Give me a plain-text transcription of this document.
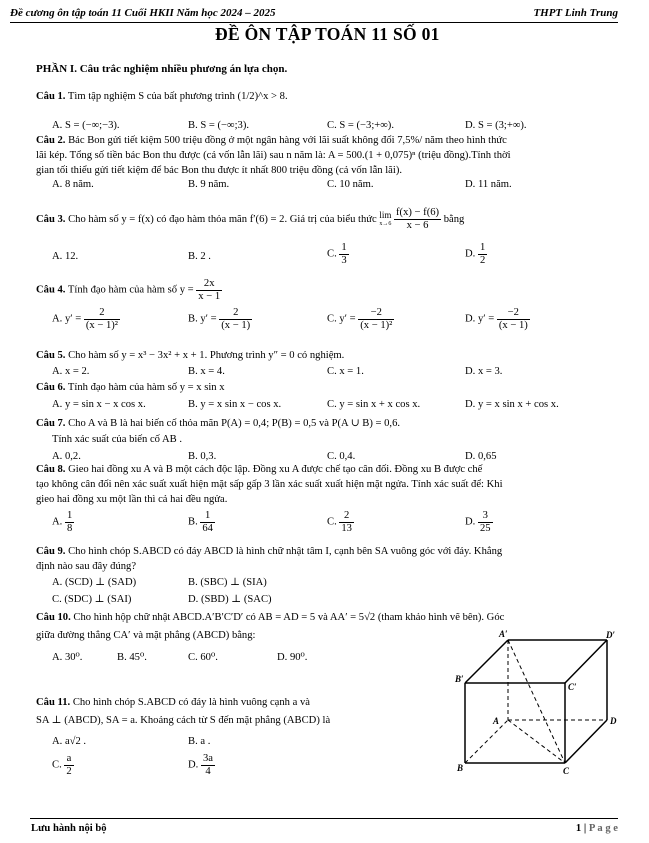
Đề cương ôn tập toán 11 Cuối HKII Năm học 2024 – 2025	THPT Linh Trung
ĐỀ ÔN TẬP TOÁN 11 SỐ 01
PHẦN I. Câu trắc nghiệm nhiều phương án lựa chọn.
Câu 1. Tìm tập nghiệm S của bất phương trình (1/2)^x > 8.
A. S = (−∞;−3).	B. S = (−∞;3).	C. S = (−3;+∞).	D. S = (3;+∞).
Câu 2. Bác Bon gửi tiết kiệm 500 triệu đồng ở một ngân hàng với lãi suất không đổi 7,5%/ năm theo hình thức
lãi kép. Tổng số tiền bác Bon thu được (cả vốn lẫn lãi) sau n năm là: A = 500.(1 + 0,075)ⁿ (triệu đồng).Tính thời
gian tối thiểu gửi tiết kiệm để bác Bon thu được ít nhất 800 triệu đồng (cả vốn lẫn lãi).
A. 8 năm.	B. 9 năm.	C. 10 năm.	D. 11 năm.
Câu 3. Cho hàm số y = f(x) có đạo hàm thỏa mãn f′(6) = 2. Giá trị của biểu thức lim
x→6
$\frac{f(x) - f(6)}{x - 6}$ bằng
A. 12.	B. 2 .	C. $\frac{1}{3}$	D. $\frac{1}{2}$
Câu 4. Tính đạo hàm của hàm số $y = \frac{2x}{x - 1}$
A. $y' = \frac{2}{\text{(x − 1)²}}$	B. $y' = \frac{2}{(x - 1)}$	C. $y' = \frac{-2}{\text{(x − 1)²}}$	D. $y' = \frac{-2}{(x - 1)}$
Câu 5. Cho hàm số y = x³ − 3x² + x + 1. Phương trình y″ = 0 có nghiệm.
A. x = 2.	B. x = 4.	C. x = 1.	D. x = 3.
Câu 6. Tính đạo hàm của hàm số y = x sin x
A. y = sin x − x cos x.	B. y = x sin x − cos x.	C. y = sin x + x cos x.	D. y = x sin x + cos x.
Câu 7. Cho A và B là hai biến cố thỏa mãn P(A) = 0,4; P(B) = 0,5 và P(A ∪ B) = 0,6.
Tính xác suất của biến cố AB .
A. 0,2.	B. 0,3.	C. 0,4.	D. 0,65
Câu 8. Gieo hai đồng xu A và B một cách độc lập. Đồng xu A được chế tạo cân đối. Đồng xu B được chế
tạo không cân đối nên xác suất xuất hiện mặt sấp gấp 3 lần xác suất xuất hiện mặt ngửa. Tính xác suất để: Khi
gieo hai đồng xu một lần thì cả hai đều ngửa.
A. $\frac{1}{8}$	B. $\frac{1}{64}$	C. $\frac{2}{13}$	D. $\frac{3}{25}$
Câu 9. Cho hình chóp S.ABCD có đáy ABCD là hình chữ nhật tâm I, cạnh bên SA vuông góc với đáy. Khẳng
định nào sau đây đúng?
A. (SCD) ⊥ (SAD)	B. (SBC) ⊥ (SIA)
C. (SDC) ⊥ (SAI)	D. (SBD) ⊥ (SAC)
Câu 10. Cho hình hộp chữ nhật ABCD.A′B′C′D′ có AB = AD = 5 và AA′ = 5√2 (tham khảo hình vẽ bên). Góc
giữa đường thẳng CA′ và mặt phẳng (ABCD) bằng:
A. 30⁰.	B. 45⁰.	C. 60⁰.	D. 90⁰.
Câu 11. Cho hình chóp S.ABCD có đáy là hình vuông cạnh a và
SA ⊥ (ABCD), SA = a. Khoảng cách từ S đến mặt phẳng (ABCD) là
A. a√2 .	B. a .
C. $\frac{a}{2}$	D. $\frac{3a}{4}$
A′	D′
B′
C′
A	D
B	C
Lưu hành nội bộ	1 | P a g e
